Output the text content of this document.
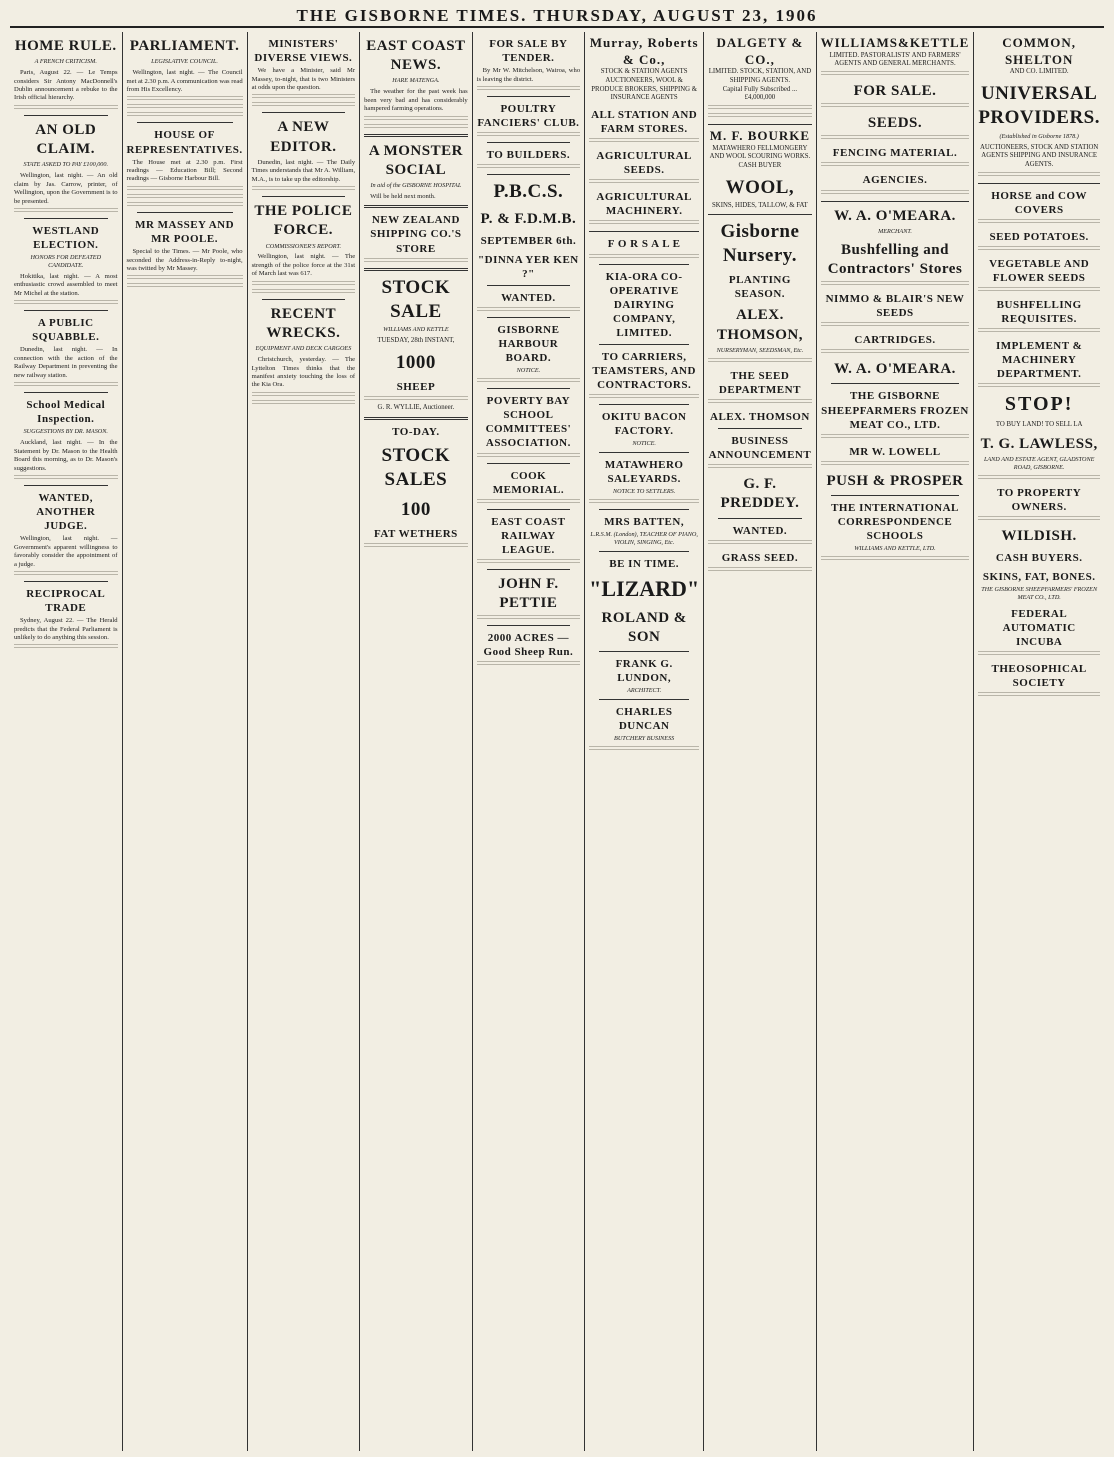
THE GISBORNE TIMES. THURSDAY, AUGUST 23, 1906
HOME RULE.
A FRENCH CRITICISM.

Paris, August 22. — Le Temps considers Sir Antony MacDonnell's Dublin announcement a rebuke to the Irish official hierarchy.

AN OLD CLAIM.
STATE ASKED TO PAY £100,000.

Wellington, last night. — An old claim by Jas. Carrow, printer, of Wellington, upon the Government is to be presented.

WESTLAND ELECTION.
HONORS FOR DEFEATED CANDIDATE.

Hokitika, last night. — A most enthusiastic crowd assembled to meet Mr Michel at the station.

A PUBLIC SQUABBLE.

Dunedin, last night. — In connection with the action of the Railway Department in preventing the new railway station.

School Medical Inspection.
SUGGESTIONS BY DR. MASON.

Auckland, last night. — In the Statement by Dr. Mason to the Health Board this morning, as to Dr. Mason's suggestions.

WANTED, ANOTHER JUDGE.

Wellington, last night. — Government's apparent willingness to favorably consider the appointment of a judge.

RECIPROCAL TRADE

Sydney, August 22. — The Herald predicts that the Federal Parliament is unlikely to do anything this session.

PARLIAMENT.
LEGISLATIVE COUNCIL.

Wellington, last night. — The Council met at 2.30 p.m. A communication was read from His Excellency.

HOUSE OF REPRESENTATIVES.

The House met at 2.30 p.m. First readings — Education Bill; Second readings — Gisborne Harbour Bill.

MR MASSEY AND MR POOLE.

Special to the Times. — Mr Poole, who seconded the Address-in-Reply to-night, was twitted by Mr Massey.

MINISTERS' DIVERSE VIEWS.

We have a Minister, said Mr Massey, to-night, that is two Ministers at odds upon the question.

A NEW EDITOR.

Dunedin, last night. — The Daily Times understands that Mr A. William, M.A., is to take up the editorship.

THE POLICE FORCE.
COMMISSIONER'S REPORT.

Wellington, last night. — The strength of the police force at the 31st of March last was 617.

RECENT WRECKS.
EQUIPMENT AND DECK CARGOES

Christchurch, yesterday. — The Lyttelton Times thinks that the manifest anxiety touching the loss of the Kia Ora.

EAST COAST NEWS.
HARE MATENGA.

The weather for the past week has been very bad and has considerably hampered farming operations.

A MONSTER SOCIAL
In aid of the GISBORNE HOSPITAL

Will be held next month.

NEW ZEALAND SHIPPING CO.'S STORE
STOCK SALE
WILLIAMS AND KETTLE
TUESDAY, 28th INSTANT,
1000
SHEEP
G. R. WYLLIE, Auctioneer.
TO-DAY.
STOCK SALES
100
FAT WETHERS
FOR SALE BY TENDER.

By Mr W. Mitchelson, Wairoa, who is leaving the district.

POULTRY FANCIERS' CLUB.
TO BUILDERS.
P.B.C.S.
P. & F.D.M.B.
SEPTEMBER 6th.
"DINNA YER KEN ?"
WANTED.
GISBORNE HARBOUR BOARD.
NOTICE.
POVERTY BAY SCHOOL COMMITTEES' ASSOCIATION.
COOK MEMORIAL.
EAST COAST RAILWAY LEAGUE.
JOHN F. PETTIE
2000 ACRES — Good Sheep Run.
Murray, Roberts & Co.,
STOCK & STATION AGENTS
AUCTIONEERS, WOOL & PRODUCE BROKERS, SHIPPING & INSURANCE AGENTS
ALL STATION AND FARM STORES.
AGRICULTURAL SEEDS.
AGRICULTURAL MACHINERY.
F O R S A L E
KIA-ORA CO-OPERATIVE DAIRYING COMPANY, LIMITED.
TO CARRIERS, TEAMSTERS, AND CONTRACTORS.
OKITU BACON FACTORY.
NOTICE.
MATAWHERO SALEYARDS.
NOTICE TO SETTLERS.
MRS BATTEN,
L.R.S.M. (London), TEACHER OF PIANO, VIOLIN, SINGING, Etc.
BE IN TIME.
"LIZARD"
ROLAND & SON
FRANK G. LUNDON,
ARCHITECT.
CHARLES DUNCAN
BUTCHERY BUSINESS
DALGETY & CO.,
LIMITED. STOCK, STATION, AND SHIPPING AGENTS.
Capital Fully Subscribed ... £4,000,000
M. F. BOURKE
MATAWHERO FELLMONGERY AND WOOL SCOURING WORKS.
CASH BUYER
WOOL,
SKINS, HIDES, TALLOW, & FAT
Gisborne Nursery.
PLANTING SEASON.
ALEX. THOMSON,
NURSERYMAN, SEEDSMAN, Etc.
THE SEED DEPARTMENT
ALEX. THOMSON
BUSINESS ANNOUNCEMENT
G. F. PREDDEY.
WANTED.
GRASS SEED.
WILLIAMS&KETTLE
LIMITED. PASTORALISTS' AND FARMERS' AGENTS AND GENERAL MERCHANTS.
FOR SALE.
SEEDS.
FENCING MATERIAL.
AGENCIES.
W. A. O'MEARA.
MERCHANT.
Bushfelling and Contractors' Stores
NIMMO & BLAIR'S NEW SEEDS
CARTRIDGES.
W. A. O'MEARA.
THE GISBORNE SHEEPFARMERS FROZEN MEAT CO., LTD.
MR W. LOWELL
PUSH & PROSPER
THE INTERNATIONAL CORRESPONDENCE SCHOOLS
WILLIAMS AND KETTLE, LTD.
COMMON, SHELTON
AND CO. LIMITED.
UNIVERSAL PROVIDERS.
(Established in Gisborne 1878.)
AUCTIONEERS, STOCK AND STATION AGENTS SHIPPING AND INSURANCE AGENTS.
HORSE and COW COVERS
SEED POTATOES.
VEGETABLE AND FLOWER SEEDS
BUSHFELLING REQUISITES.
IMPLEMENT & MACHINERY DEPARTMENT.
STOP!
TO BUY LAND! TO SELL LA
T. G. LAWLESS,
LAND AND ESTATE AGENT, GLADSTONE ROAD, GISBORNE.
TO PROPERTY OWNERS.
WILDISH.
CASH BUYERS.
SKINS, FAT, BONES.
THE GISBORNE SHEEPFARMERS' FROZEN MEAT CO., LTD.
FEDERAL AUTOMATIC INCUBA
THEOSOPHICAL SOCIETY
